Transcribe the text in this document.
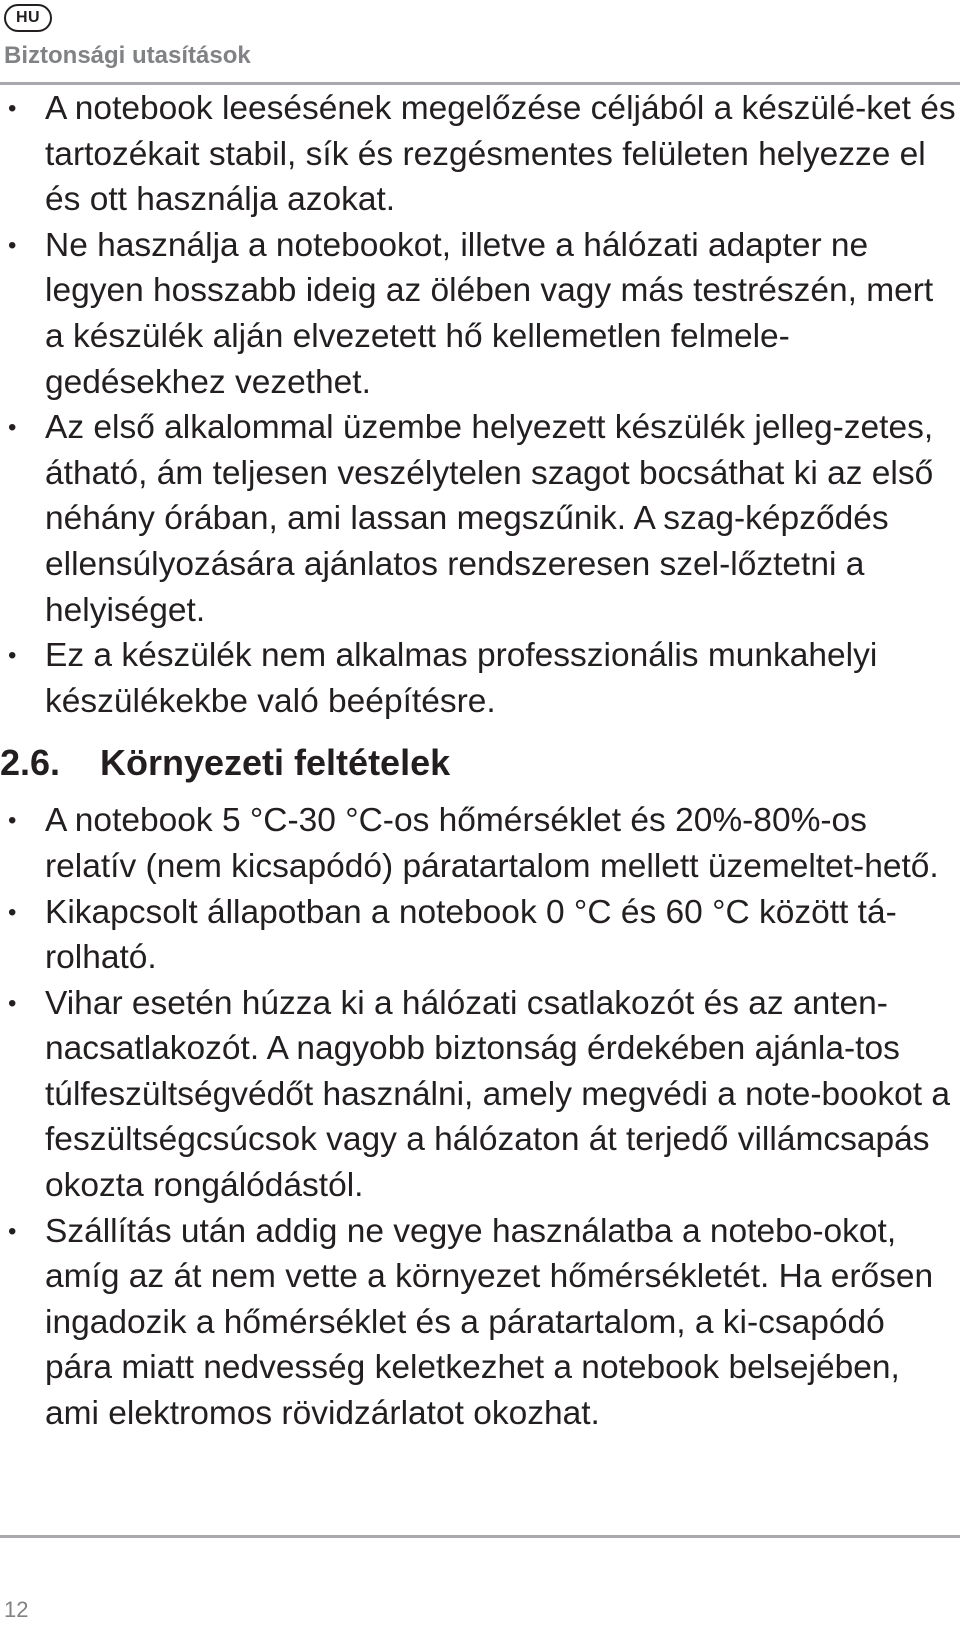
HU
Biztonsági utasítások
• A notebook leesésének megelőzése céljából a készülé-ket és tartozékait stabil, sík és rezgésmentes felületen helyezze el és ott használja azokat.
• Ne használja a notebookot, illetve a hálózati adapter ne legyen hosszabb ideig az ölében vagy más testrészén, mert a készülék alján elvezetett hő kellemetlen felmele-gedésekhez vezethet.
• Az első alkalommal üzembe helyezett készülék jelleg-zetes, átható, ám teljesen veszélytelen szagot bocsáthat ki az első néhány órában, ami lassan megszűnik. A szag-képződés ellensúlyozására ajánlatos rendszeresen szel-lőztetni a helyiséget.
• Ez a készülék nem alkalmas professzionális munkahelyi készülékekbe való beépítésre.
2.6.	Környezeti feltételek
• A notebook 5 °C-30 °C-os hőmérséklet és 20%-80%-os relatív (nem kicsapódó) páratartalom mellett üzemeltet-hető.
• Kikapcsolt állapotban a notebook 0 °C és 60 °C között tá-rolható.
• Vihar esetén húzza ki a hálózati csatlakozót és az anten-nacsatlakozót. A nagyobb biztonság érdekében ajánla-tos túlfeszültségvédőt használni, amely megvédi a note-bookot a feszültségcsúcsok vagy a hálózaton át terjedő villámcsapás okozta rongálódástól.
• Szállítás után addig ne vegye használatba a notebo-okot, amíg az át nem vette a környezet hőmérsékletét. Ha erősen ingadozik a hőmérséklet és a páratartalom, a ki-csapódó pára miatt nedvesség keletkezhet a notebook belsejében, ami elektromos rövidzárlatot okozhat.
12
